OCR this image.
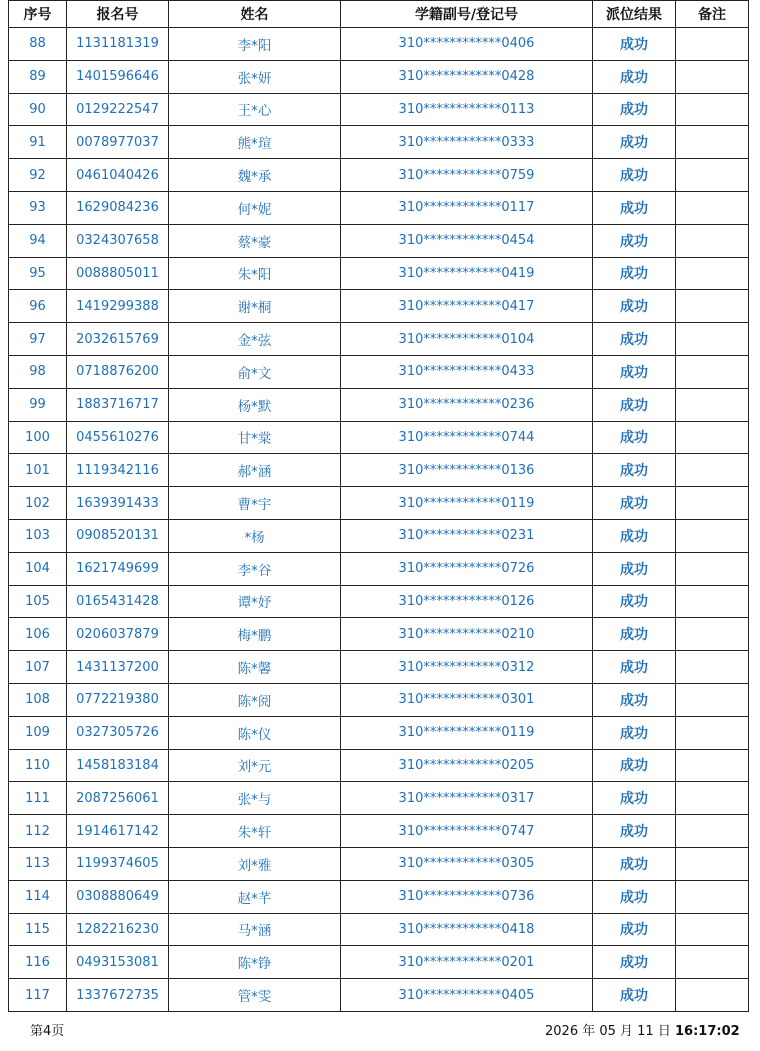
序号	报名号	姓名	学籍副号/登记号	派位结果	备注
88	1131181319	李*阳	310************0406	成功	
89	1401596646	张*妍	310************0428	成功	
90	0129222547	王*心	310************0113	成功	
91	0078977037	熊*瑄	310************0333	成功	
92	0461040426	魏*承	310************0759	成功	
93	1629084236	何*妮	310************0117	成功	
94	0324307658	蔡*豪	310************0454	成功	
95	0088805011	朱*阳	310************0419	成功	
96	1419299388	谢*桐	310************0417	成功	
97	2032615769	金*弦	310************0104	成功	
98	0718876200	俞*文	310************0433	成功	
99	1883716717	杨*默	310************0236	成功	
100	0455610276	甘*棠	310************0744	成功	
101	1119342116	郝*涵	310************0136	成功	
102	1639391433	曹*宇	310************0119	成功	
103	0908520131	*杨	310************0231	成功	
104	1621749699	李*谷	310************0726	成功	
105	0165431428	谭*妤	310************0126	成功	
106	0206037879	梅*鹏	310************0210	成功	
107	1431137200	陈*馨	310************0312	成功	
108	0772219380	陈*阅	310************0301	成功	
109	0327305726	陈*仪	310************0119	成功	
110	1458183184	刘*元	310************0205	成功	
111	2087256061	张*与	310************0317	成功	
112	1914617142	朱*轩	310************0747	成功	
113	1199374605	刘*雅	310************0305	成功	
114	0308880649	赵*芊	310************0736	成功	
115	1282216230	马*涵	310************0418	成功	
116	0493153081	陈*铮	310************0201	成功	
117	1337672735	管*雯	310************0405	成功	
第4页	2026 年 05 月 11 日 16:17:02
